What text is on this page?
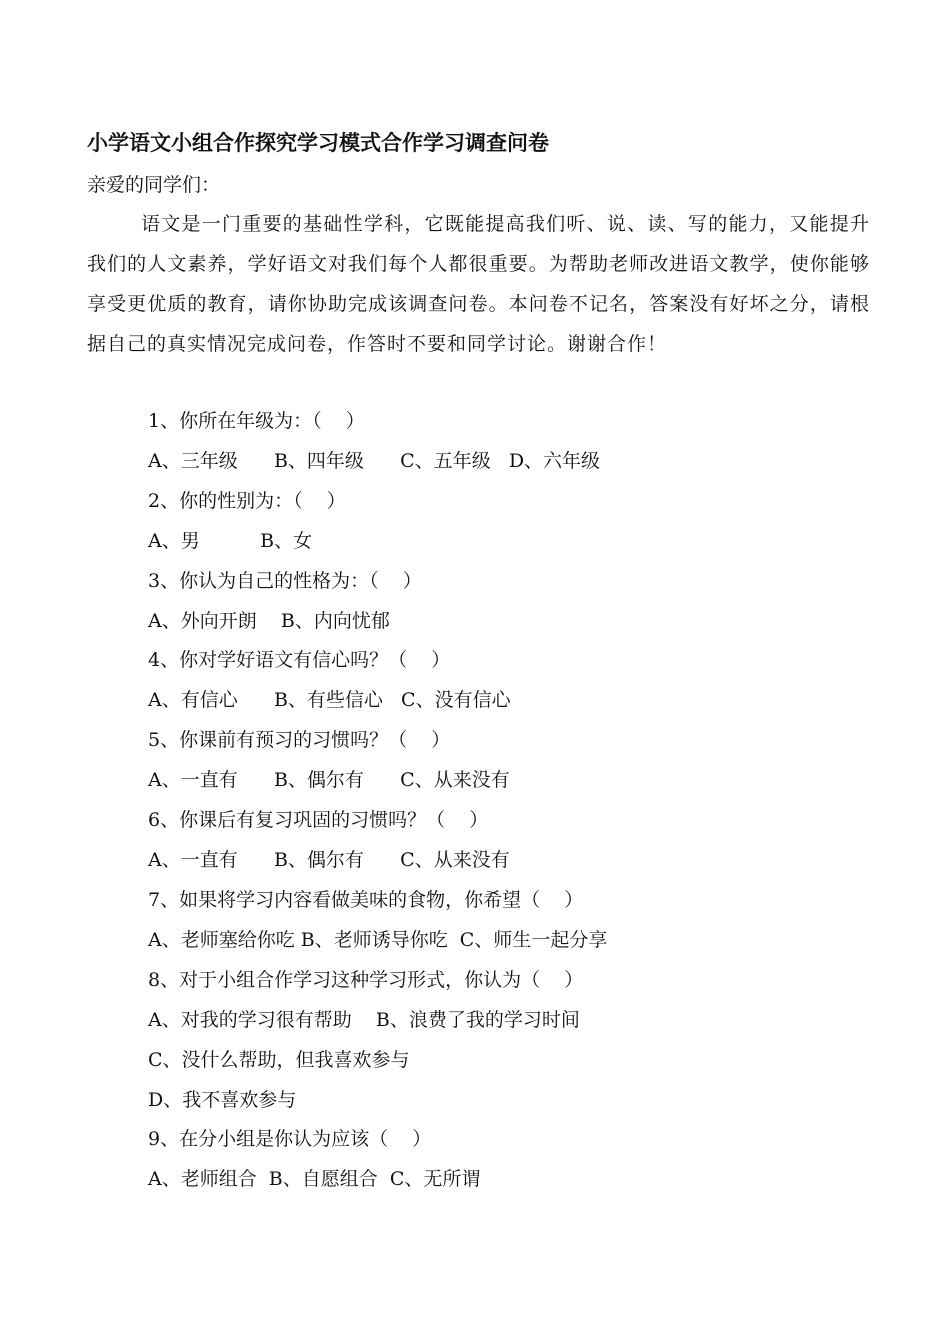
小学语文小组合作探究学习模式合作学习调查问卷
亲爱的同学们：

语文是一门重要的基础性学科，它既能提高我们听、说、读、写的能力，又能提升我们的人文素养，学好语文对我们每个人都很重要。为帮助老师改进语文教学，使你能够享受更优质的教育，请你协助完成该调查问卷。本问卷不记名，答案没有好坏之分，请根据自己的真实情况完成问卷，作答时不要和同学讨论。谢谢合作！

1、你所在年级为：（    ）
A、三年级      B、四年级      C、五年级   D、六年级
2、你的性别为：（    ）
A、男          B、女
3、你认为自己的性格为：（    ）
A、外向开朗    B、内向忧郁
4、你对学好语文有信心吗？（    ）
A、有信心      B、有些信心   C、没有信心
5、你课前有预习的习惯吗？（    ）
A、一直有      B、偶尔有      C、从来没有
6、你课后有复习巩固的习惯吗？（    ）
A、一直有      B、偶尔有      C、从来没有
7、如果将学习内容看做美味的食物，你希望（    ）
A、老师塞给你吃 B、老师诱导你吃  C、师生一起分享
8、对于小组合作学习这种学习形式，你认为（    ）
A、对我的学习很有帮助    B、浪费了我的学习时间
C、没什么帮助，但我喜欢参与
D、我不喜欢参与
9、在分小组是你认为应该（    ）
A、老师组合  B、自愿组合  C、无所谓
